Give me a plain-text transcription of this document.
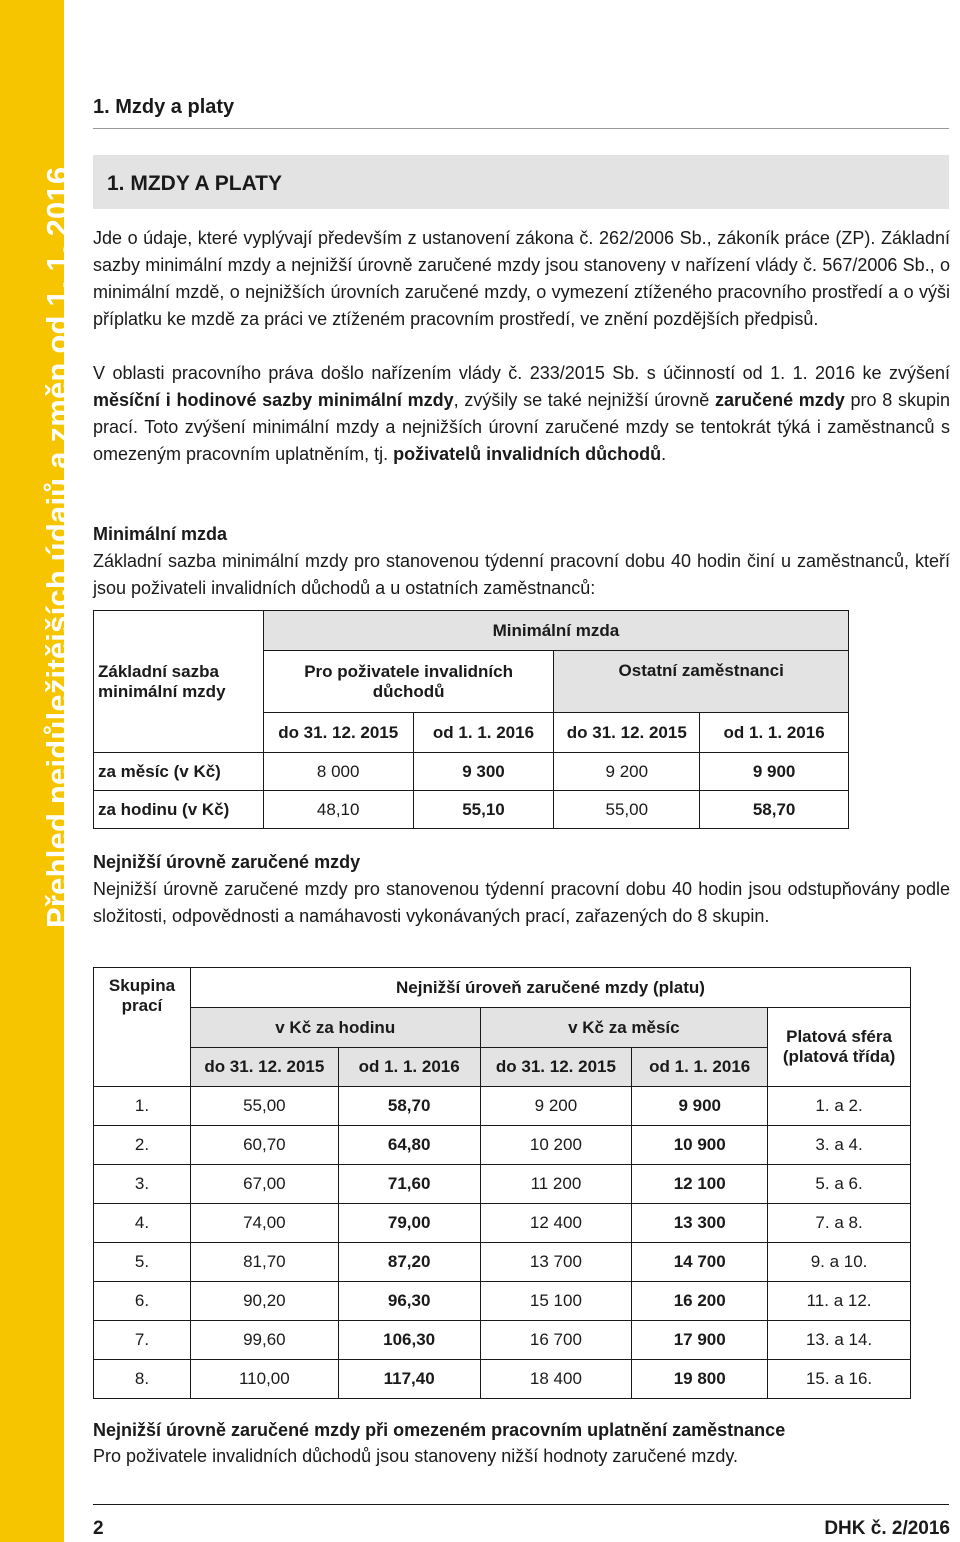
Přehled nejdůležitějších údajů a změn od 1. 1. 2016
1. Mzdy a platy
1. MZDY A PLATY

Jde o údaje, které vyplývají především z ustanovení zákona č. 262/2006 Sb., zákoník práce (ZP). Základní sazby minimální mzdy a nejnižší úrovně zaručené mzdy jsou stanoveny v nařízení vlády č. 567/2006 Sb., o minimální mzdě, o nejnižších úrovních zaručené mzdy, o vymezení ztíženého pracovního prostředí a o výši příplatku ke mzdě za práci ve ztíženém pracovním prostředí, ve znění pozdějších předpisů.

V oblasti pracovního práva došlo nařízením vlády č. 233/2015 Sb. s účinností od 1. 1. 2016 ke zvýšení měsíční i hodinové sazby minimální mzdy, zvýšily se také nejnižší úrovně zaručené mzdy pro 8 skupin prací. Toto zvýšení minimální mzdy a nejnižších úrovní zaručené mzdy se tentokrát týká i zaměstnanců s omezeným pracovním uplatněním, tj. poživatelů invalidních důchodů.

Minimální mzda

Základní sazba minimální mzdy pro stanovenou týdenní pracovní dobu 40 hodin činí u zaměstnanců, kteří jsou poživateli invalidních důchodů a u ostatních zaměstnanců:

Základní sazba minimální mzdy	Minimální mzda			
	Pro poživatele invalidních důchodů		Ostatní zaměstnanci	
	do 31. 12. 2015	od 1. 1. 2016	do 31. 12. 2015	od 1. 1. 2016
za měsíc (v Kč)	8 000	9 300	9 200	9 900
za hodinu (v Kč)	48,10	55,10	55,00	58,70
Nejnižší úrovně zaručené mzdy

Nejnižší úrovně zaručené mzdy pro stanovenou týdenní pracovní dobu 40 hodin jsou odstupňovány podle složitosti, odpovědnosti a namáhavosti vykonávaných prací, zařazených do 8 skupin.

Skupina prací	Nejnižší úroveň zaručené mzdy (platu)				
	v Kč za hodinu		v Kč za měsíc		Platová sféra (platová třída)
	do 31. 12. 2015	od 1. 1. 2016	do 31. 12. 2015	od 1. 1. 2016	
1.	55,00	58,70	9 200	9 900	1. a 2.
2.	60,70	64,80	10 200	10 900	3. a 4.
3.	67,00	71,60	11 200	12 100	5. a 6.
4.	74,00	79,00	12 400	13 300	7. a 8.
5.	81,70	87,20	13 700	14 700	9. a 10.
6.	90,20	96,30	15 100	16 200	11. a 12.
7.	99,60	106,30	16 700	17 900	13. a 14.
8.	110,00	117,40	18 400	19 800	15. a 16.
Nejnižší úrovně zaručené mzdy při omezeném pracovním uplatnění zaměstnance
Pro poživatele invalidních důchodů jsou stanoveny nižší hodnoty zaručené mzdy.
2	DHK č. 2/2016
